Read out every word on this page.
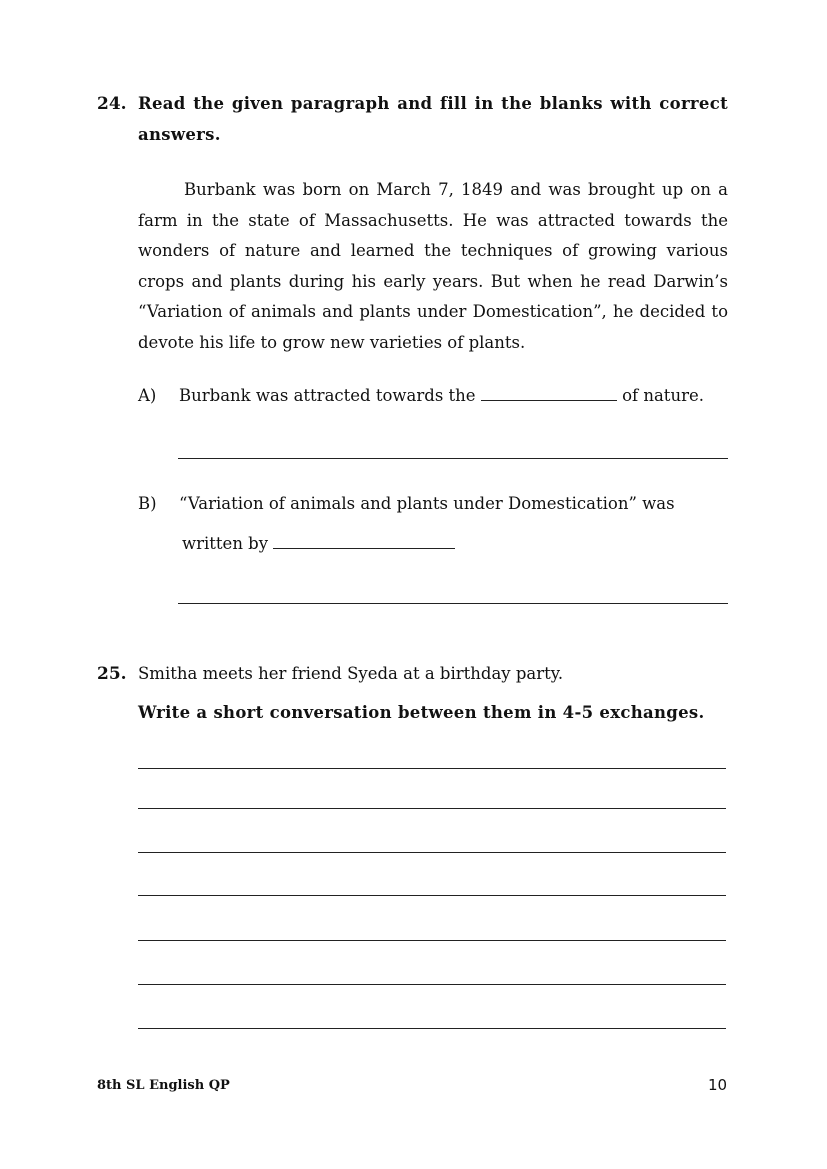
24. Read the given paragraph and fill in the blanks with correct
answers.
Burbank was born on March 7, 1849 and was brought up on a farm in the state of Massachusetts. He was attracted towards the wonders of nature and learned the techniques of growing various crops and plants during his early years. But when he read Darwin’s “Variation of animals and plants under Domestication”, he decided to devote his life to grow new varieties of plants.
A) Burbank was attracted towards the	of nature.
B) “Variation of animals and plants under Domestication” was
written by
25. Smitha meets her friend Syeda at a birthday party.
Write a short conversation between them in 4-5 exchanges.
8th SL English QP	10
